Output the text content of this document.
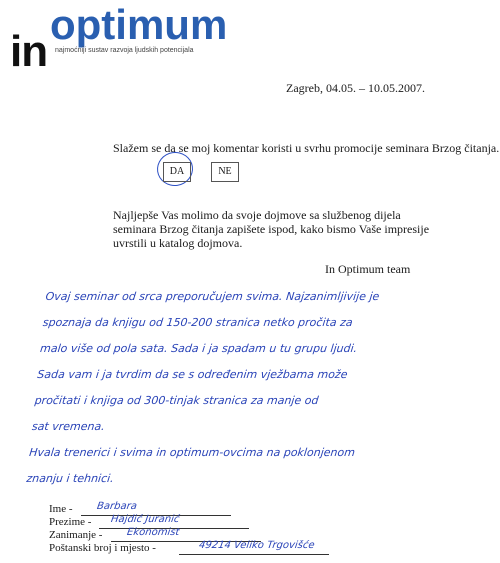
optimum
in najmoćniji sustav razvoja ljudskih potencijala
Zagreb, 04.05. – 10.05.2007.
Slažem se da se moj komentar koristi u svrhu promocije seminara Brzog čitanja.
DA	NE
Najljepše Vas molimo da svoje dojmove sa službenog dijela seminara Brzog čitanja zapišete ispod, kako bismo Vaše impresije uvrstili u katalog dojmova.
In Optimum team
Ovaj seminar od srca preporučujem svima. Najzanimljivije je
spoznaja da knjigu od 150-200 stranica netko pročita za
malo više od pola sata. Sada i ja spadam u tu grupu ljudi.
Sada vam i ja tvrdim da se s određenim vježbama može
pročitati i knjiga od 300-tinjak stranica za manje od
sat vremena.
Hvala trenerici i svima in optimum-ovcima na poklonjenom
znanju i tehnici.
Ime - Barbara
Prezime - Hajdić Juranić
Zanimanje - Ekonomist
Poštanski broj i mjesto -	49214 Veliko Trgovišće
